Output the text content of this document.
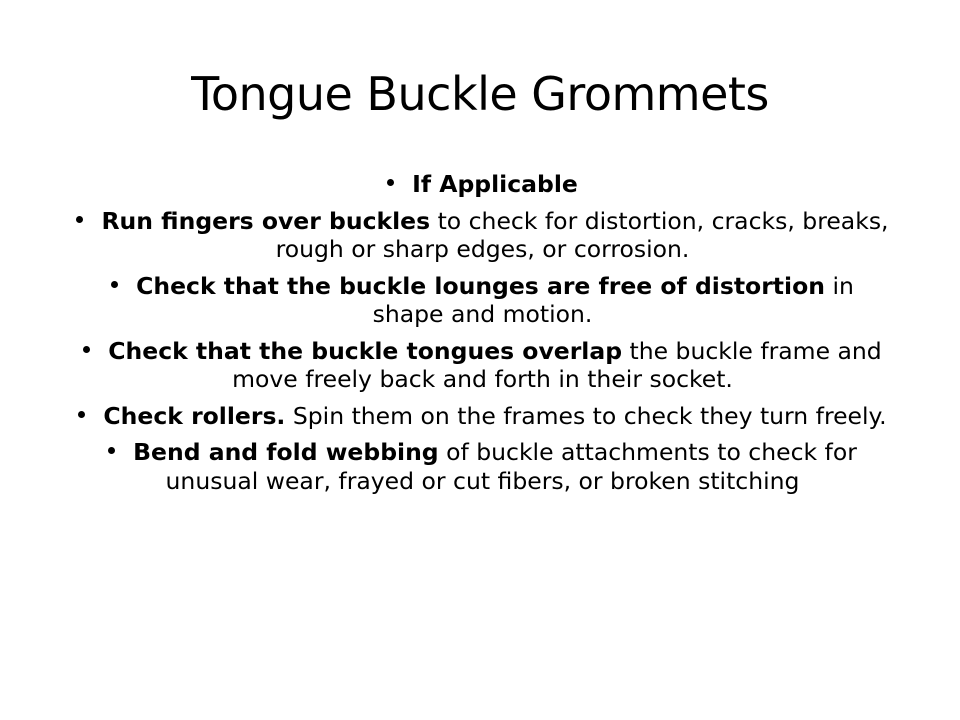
Tongue Buckle Grommets
If Applicable
Run fingers over buckles to check for distortion, cracks, breaks, rough or sharp edges, or corrosion.
Check that the buckle lounges are free of distortion in shape and motion.
Check that the buckle tongues overlap the buckle frame and move freely back and forth in their socket.
Check rollers. Spin them on the frames to check they turn freely.
Bend and fold webbing of buckle attachments to check for unusual wear, frayed or cut fibers, or broken stitching
